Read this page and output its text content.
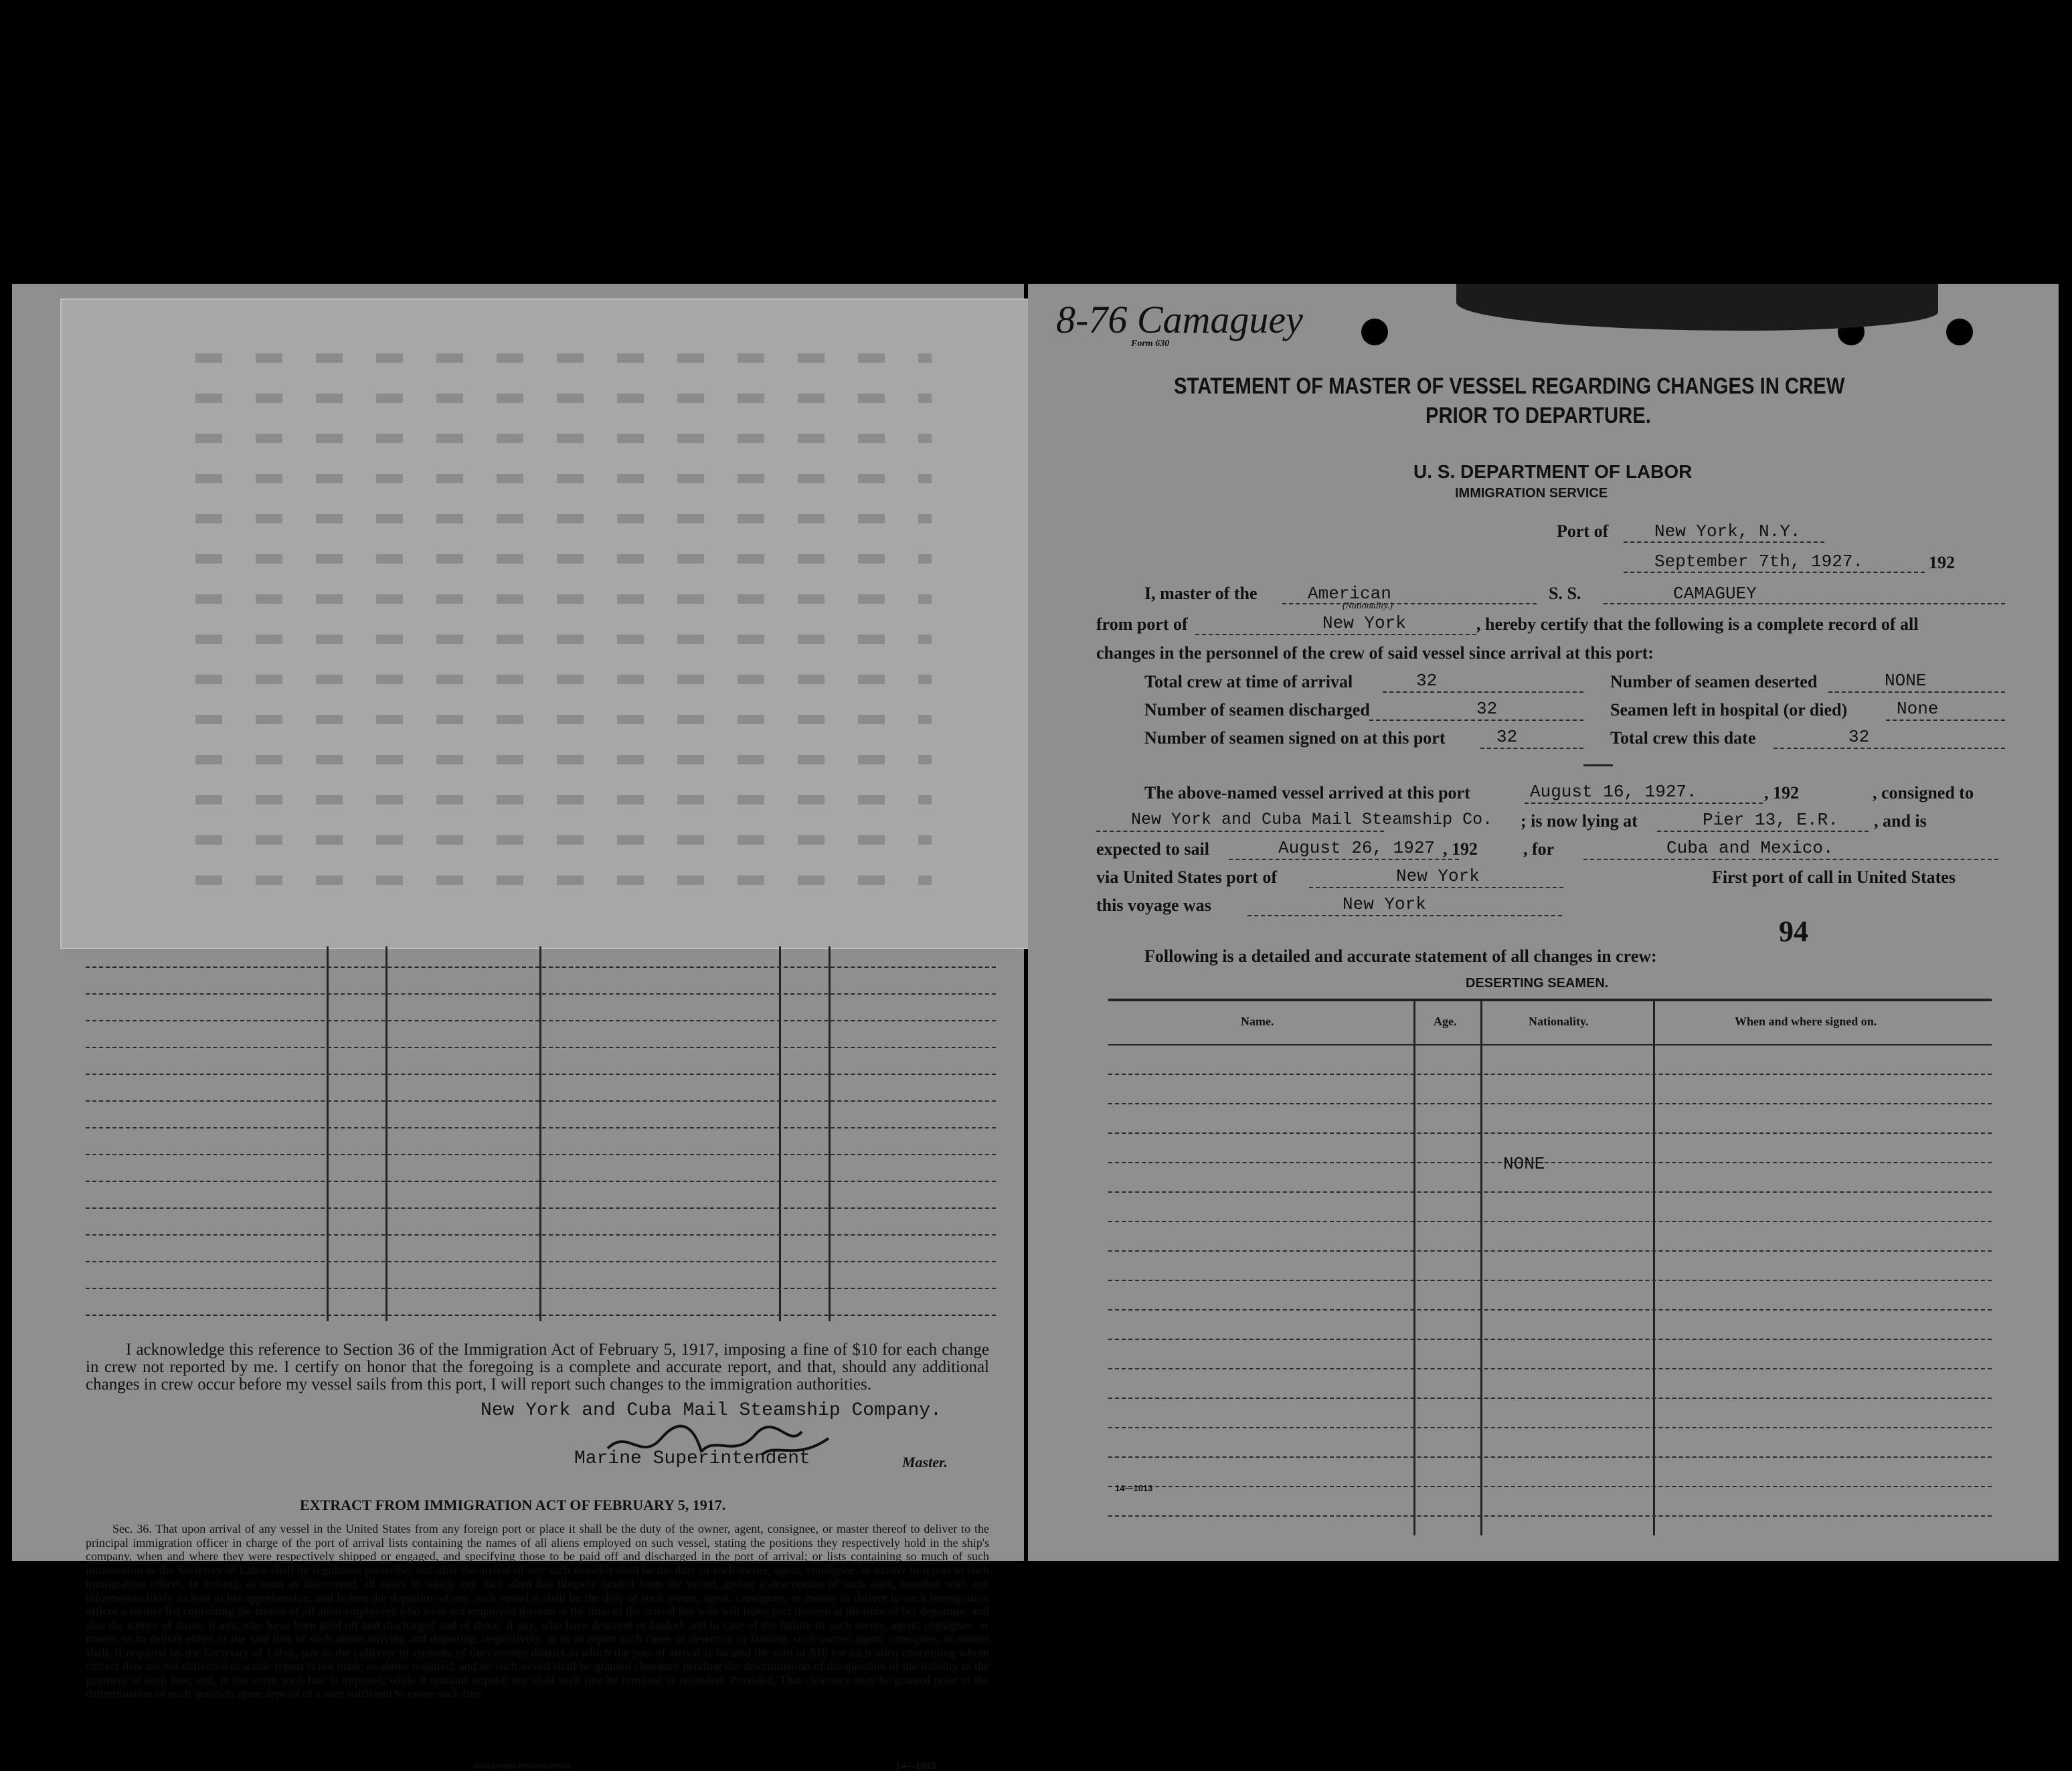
I acknowledge this reference to Section 36 of the Immigration Act of February 5, 1917, imposing a fine of $10 for each change in crew not reported by me. I certify on honor that the foregoing is a complete and accurate report, and that, should any additional changes in crew occur before my vessel sails from this port, I will report such changes to the immigration authorities.
New York and Cuba Mail Steamship Company.
Marine Superintendent	Master.
EXTRACT FROM IMMIGRATION ACT OF FEBRUARY 5, 1917.
Sec. 36. That upon arrival of any vessel in the United States from any foreign port or place it shall be the duty of the owner, agent, consignee, or master thereof to deliver to the principal immigration officer in charge of the port of arrival lists containing the names of all aliens employed on such vessel, stating the positions they respectively hold in the ship's company, when and where they were respectively shipped or engaged, and specifying those to be paid off and discharged in the port of arrival; or lists containing so much of such information as the Secretary of Labor shall by regulation prescribe; and after the arrival of any such vessel it shall be the duty of such owner, agent, consignee, or master to report to such immigration officer, in writing, as soon as discovered, all cases in which any such alien has illegally landed from the vessel, giving a description of such alien, together with any information likely to lead to his apprehension; and before the departure of any such vessel it shall be the duty of such owner, agent, consignee, or master to deliver to such immigration officer a further list containing the names of all alien employees who were not employed thereon at the time of the arrival but who will leave port thereon at the time of her departure, and also the names of those, if any, who have been paid off and discharged and of those, if any, who have deserted or landed; and in case of the failure of such owner, agent, consignee, or master so to deliver either of the said lists of such aliens arriving and departing, respectively, or so to report such cases of desertion or landing, such owner, agent, consignee, or master shall, if required by the Secretary of Labor, pay to the collector of customs of the customs district in which the port of arrival is located the sum of $10 for each alien concerning whom correct lists are not delivered or a true report is not made as above required; and no such vessel shall be granted clearance pending the determination of the question of the liability to the payment of such fine, and, in the event such fine is imposed, while it remains unpaid; nor shall such fine be remitted or refunded: Provided, That clearance may be granted prior to the determination of such question upon deposit of a sum sufficient to cover such fine.
GOVERNMENT PRINTING OFFICE	14—1013
8-76 Camaguey
Form 630
STATEMENT OF MASTER OF VESSEL REGARDING CHANGES IN CREW
PRIOR TO DEPARTURE.
U. S. DEPARTMENT OF LABOR
IMMIGRATION SERVICE
Port of	New York, N.Y.
September 7th, 1927.	192
I, master of the	American
(Nationality.)
S. S.	CAMAGUEY
from port of	New York	, hereby certify that the following is a complete record of all
changes in the personnel of the crew of said vessel since arrival at this port:
Total crew at time of arrival	32	Number of seamen deserted	NONE
Number of seamen discharged	32	Seamen left in hospital (or died)	None
Number of seamen signed on at this port	32	Total crew this date	32
The above-named vessel arrived at this port	August 16, 1927.	, 192	, consigned to
New York and Cuba Mail Steamship Co. ; is now lying at	Pier 13, E.R. , and is
expected to sail	August 26, 1927 , 192	, for	Cuba and Mexico.
via United States port of	New York	First port of call in United States
this voyage was	New York
94
Following is a detailed and accurate statement of all changes in crew:
DESERTING SEAMEN.
Name.	Age.	Nationality.	When and where signed on.
NONE
14—1013
